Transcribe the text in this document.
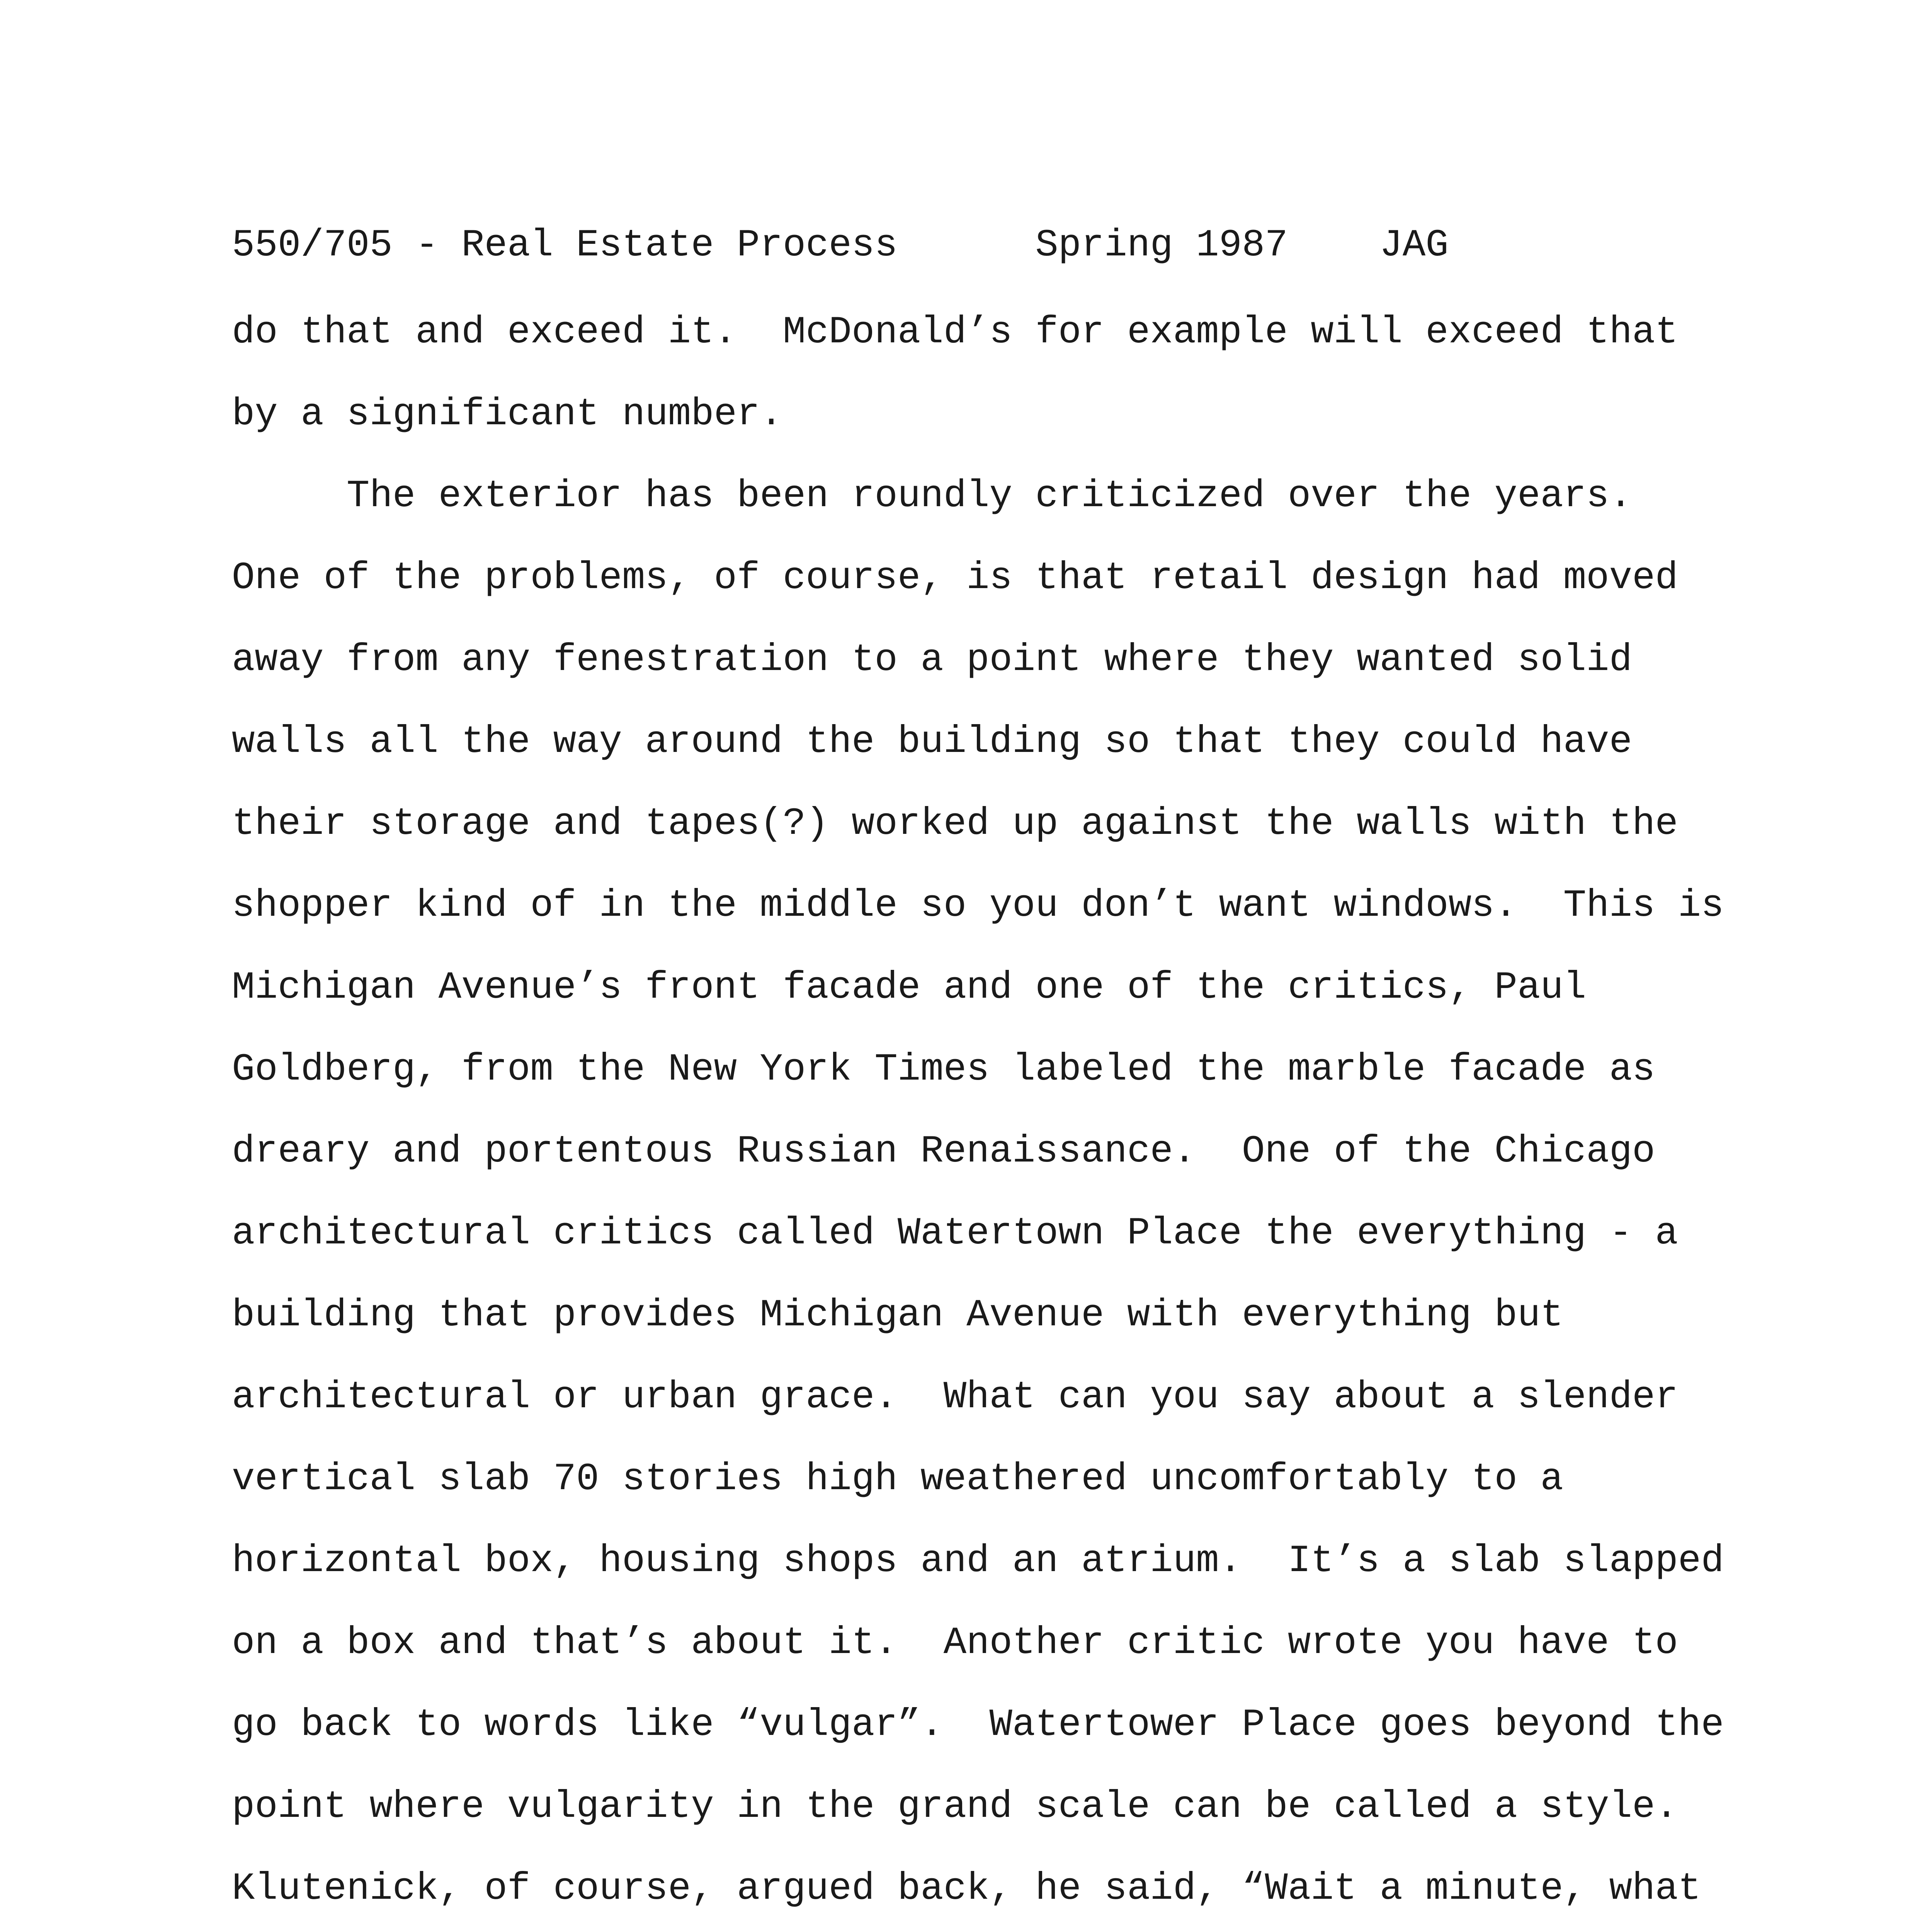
550/705 - Real Estate Process	Spring 1987 JAG
do that and exceed it.  McDonald’s for example will exceed that
by a significant number.
The exterior has been roundly criticized over the years.
One of the problems, of course, is that retail design had moved
away from any fenestration to a point where they wanted solid
walls all the way around the building so that they could have
their storage and tapes(?) worked up against the walls with the
shopper kind of in the middle so you don’t want windows.  This is
Michigan Avenue’s front facade and one of the critics, Paul
Goldberg, from the New York Times labeled the marble facade as
dreary and portentous Russian Renaissance.  One of the Chicago
architectural critics called Watertown Place the everything - a
building that provides Michigan Avenue with everything but
architectural or urban grace.  What can you say about a slender
vertical slab 70 stories high weathered uncomfortably to a
horizontal box, housing shops and an atrium.  It’s a slab slapped
on a box and that’s about it.  Another critic wrote you have to
go back to words like “vulgar”.  Watertower Place goes beyond the
point where vulgarity in the grand scale can be called a style.
Klutenick, of course, argued back, he said, “Wait a minute, what
